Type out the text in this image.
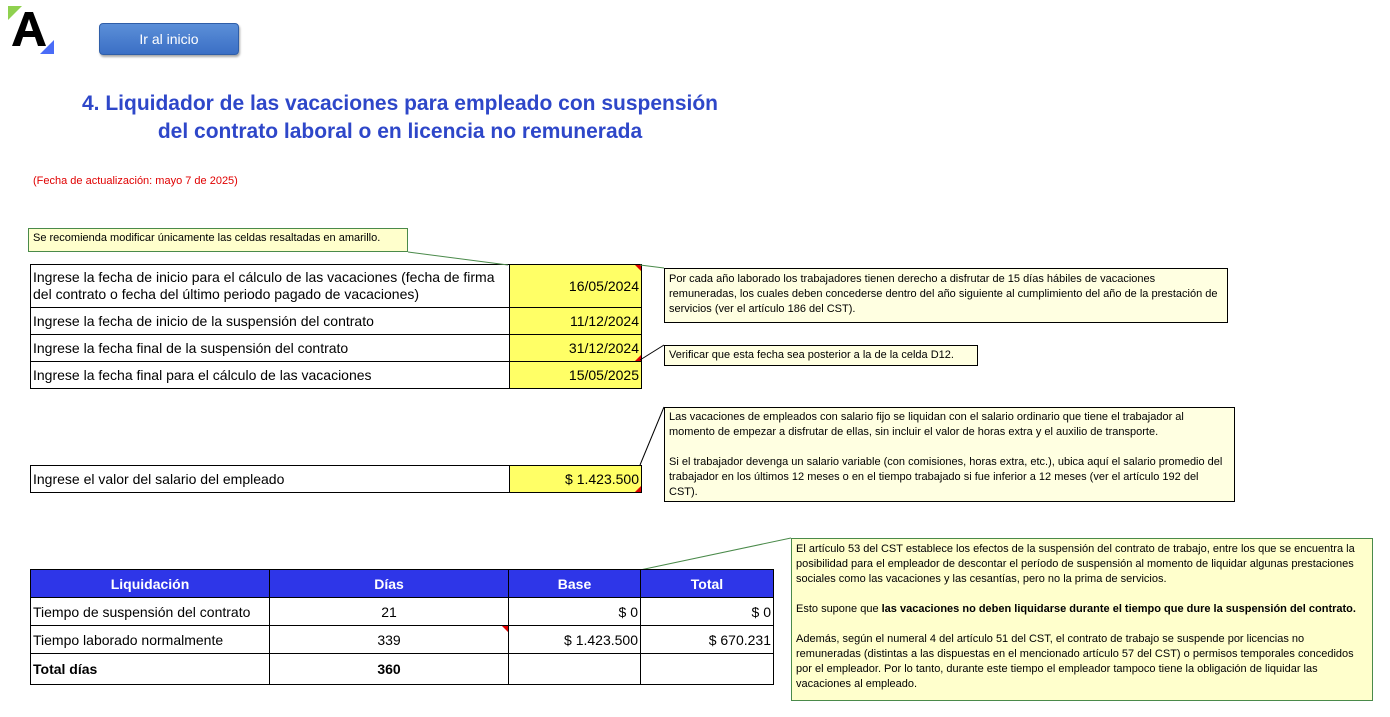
Ir al inicio
4. Liquidador de las vacaciones para empleado con suspensión
del contrato laboral o en licencia no remunerada
(Fecha de actualización: mayo 7 de 2025)
Se recomienda modificar únicamente las celdas resaltadas en amarillo.
Ingrese la fecha de inicio para el cálculo de las vacaciones (fecha de firma del contrato o fecha del último periodo pagado de vacaciones)	16/05/2024

Ingrese la fecha de inicio de la suspensión del contrato	11/12/2024
Ingrese la fecha final de la suspensión del contrato	31/12/2024

Ingrese la fecha final para el cálculo de las vacaciones	15/05/2025
Ingrese el valor del salario del empleado	$ 1.423.500
Por cada año laborado los trabajadores tienen derecho a disfrutar de 15 días hábiles de vacaciones remuneradas, los cuales deben concederse dentro del año siguiente al cumplimiento del año de la prestación de servicios (ver el artículo 186 del CST).
Verificar que esta fecha sea posterior a la de la celda D12.
Las vacaciones de empleados con salario fijo se liquidan con el salario ordinario que tiene el trabajador al momento de empezar a disfrutar de ellas, sin incluir el valor de horas extra y el auxilio de transporte.
Si el trabajador devenga un salario variable (con comisiones, horas extra, etc.), ubica aquí el salario promedio del trabajador en los últimos 12 meses o en el tiempo trabajado si fue inferior a 12 meses (ver el artículo 192 del CST).
El artículo 53 del CST establece los efectos de la suspensión del contrato de trabajo, entre los que se encuentra la posibilidad para el empleador de descontar el período de suspensión al momento de liquidar algunas prestaciones sociales como las vacaciones y las cesantías, pero no la prima de servicios.
Esto supone que las vacaciones no deben liquidarse durante el tiempo que dure la suspensión del contrato.
Además, según el numeral 4 del artículo 51 del CST, el contrato de trabajo se suspende por licencias no remuneradas (distintas a las dispuestas en el mencionado artículo 57 del CST) o permisos temporales concedidos por el empleador. Por lo tanto, durante este tiempo el empleador tampoco tiene la obligación de liquidar las vacaciones al empleado.
Liquidación	Días	Base	Total
Tiempo de suspensión del contrato	21	$ 0	$ 0
Tiempo laborado normalmente	339	$ 1.423.500	$ 670.231
Total días	360		
